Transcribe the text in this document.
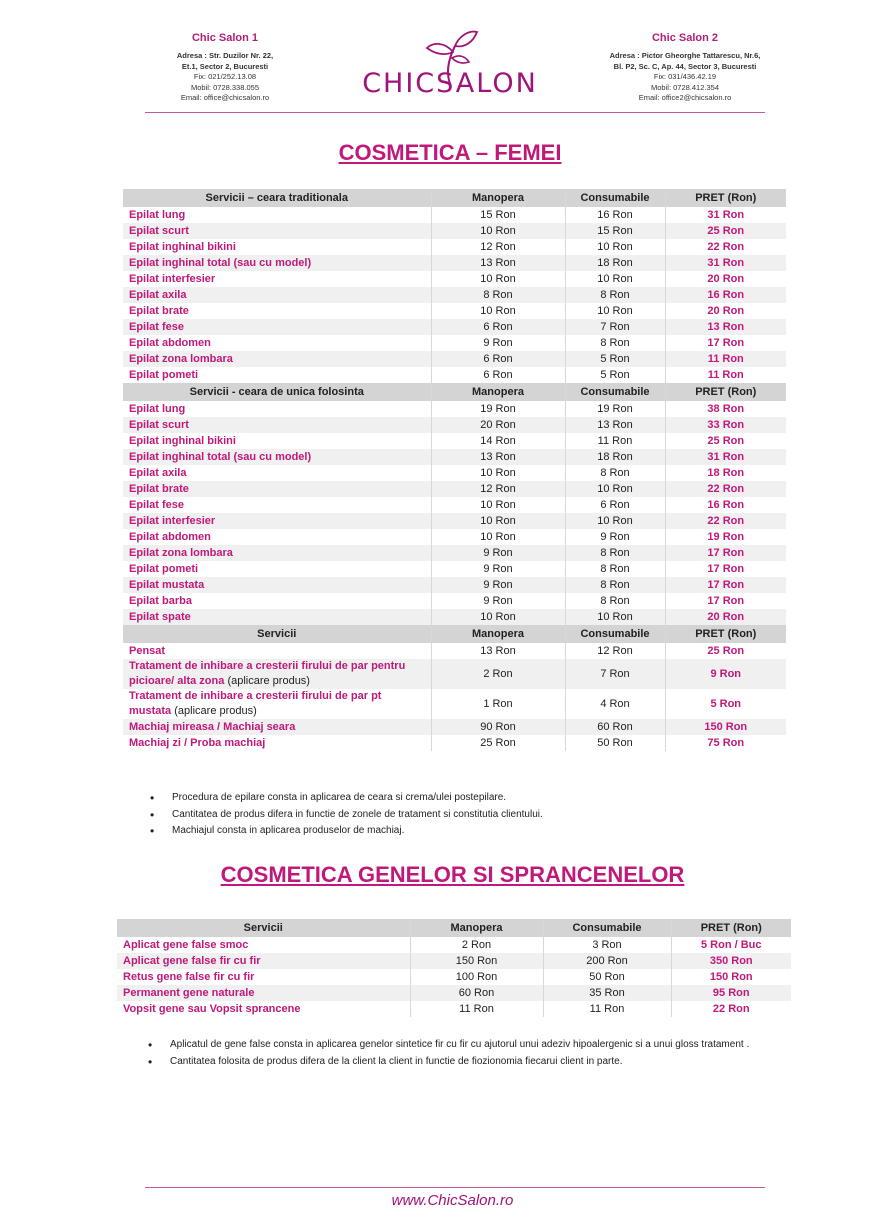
Chic Salon 1
Adresa : Str. Duzilor Nr. 22,
Et.1, Sector 2, Bucuresti
Fix: 021/252.13.08
Mobil: 0728.338.055
Email: office@chicsalon.ro	CHICSALON
Chic Salon 2
Adresa : Pictor Gheorghe Tattarescu, Nr.6,
Bl. P2, Sc. C, Ap. 44, Sector 3, Bucuresti
Fix: 031/436.42.19
Mobil: 0728.412.354
Email: office2@chicsalon.ro
COSMETICA – FEMEI
Servicii – ceara traditionala	Manopera	Consumabile	PRET (Ron)
Epilat lung	15 Ron	16 Ron	31 Ron
Epilat scurt	10 Ron	15 Ron	25 Ron
Epilat inghinal bikini	12 Ron	10 Ron	22 Ron
Epilat inghinal total (sau cu model)	13 Ron	18 Ron	31 Ron
Epilat interfesier	10 Ron	10 Ron	20 Ron
Epilat axila	8 Ron	8 Ron	16 Ron
Epilat brate	10 Ron	10 Ron	20 Ron
Epilat fese	6 Ron	7 Ron	13 Ron
Epilat abdomen	9 Ron	8 Ron	17 Ron
Epilat zona lombara	6 Ron	5 Ron	11 Ron
Epilat pometi	6 Ron	5 Ron	11 Ron
Servicii - ceara de unica folosinta	Manopera	Consumabile	PRET (Ron)
Epilat lung	19 Ron	19 Ron	38 Ron
Epilat scurt	20 Ron	13 Ron	33 Ron
Epilat inghinal bikini	14 Ron	11 Ron	25 Ron
Epilat inghinal total (sau cu model)	13 Ron	18 Ron	31 Ron
Epilat axila	10 Ron	8 Ron	18 Ron
Epilat brate	12 Ron	10 Ron	22 Ron
Epilat fese	10 Ron	6 Ron	16 Ron
Epilat interfesier	10 Ron	10 Ron	22 Ron
Epilat abdomen	10 Ron	9 Ron	19 Ron
Epilat zona lombara	9 Ron	8 Ron	17 Ron
Epilat pometi	9 Ron	8 Ron	17 Ron
Epilat mustata	9 Ron	8 Ron	17 Ron
Epilat barba	9 Ron	8 Ron	17 Ron
Epilat spate	10 Ron	10 Ron	20 Ron
Servicii	Manopera	Consumabile	PRET (Ron)
Pensat	13 Ron	12 Ron	25 Ron
Tratament de inhibare a cresterii firului de par pentru picioare/ alta zona (aplicare produs)	2 Ron	7 Ron	9 Ron
Tratament de inhibare a cresterii firului de par pt mustata (aplicare produs)	1 Ron	4 Ron	5 Ron
Machiaj mireasa / Machiaj seara	90 Ron	60 Ron	150 Ron
Machiaj zi / Proba machiaj	25 Ron	50 Ron	75 Ron
• Procedura de epilare consta in aplicarea de ceara si crema/ulei postepilare.
• Cantitatea de produs difera in functie de zonele de tratament si constitutia clientului.
• Machiajul consta in aplicarea produselor de machiaj.
COSMETICA GENELOR SI SPRANCENELOR
Servicii	Manopera	Consumabile	PRET (Ron)
Aplicat gene false smoc	2 Ron	3 Ron	5 Ron / Buc
Aplicat gene false fir cu fir	150 Ron	200 Ron	350 Ron
Retus gene false fir cu fir	100 Ron	50 Ron	150 Ron
Permanent gene naturale	60 Ron	35 Ron	95 Ron
Vopsit gene sau Vopsit sprancene	11 Ron	11 Ron	22 Ron
• Aplicatul de gene false consta in aplicarea genelor sintetice fir cu fir cu ajutorul unui adeziv hipoalergenic si a unui gloss tratament .
• Cantitatea folosita de produs difera de la client la client in functie de fiozionomia fiecarui client in parte.
www.ChicSalon.ro
